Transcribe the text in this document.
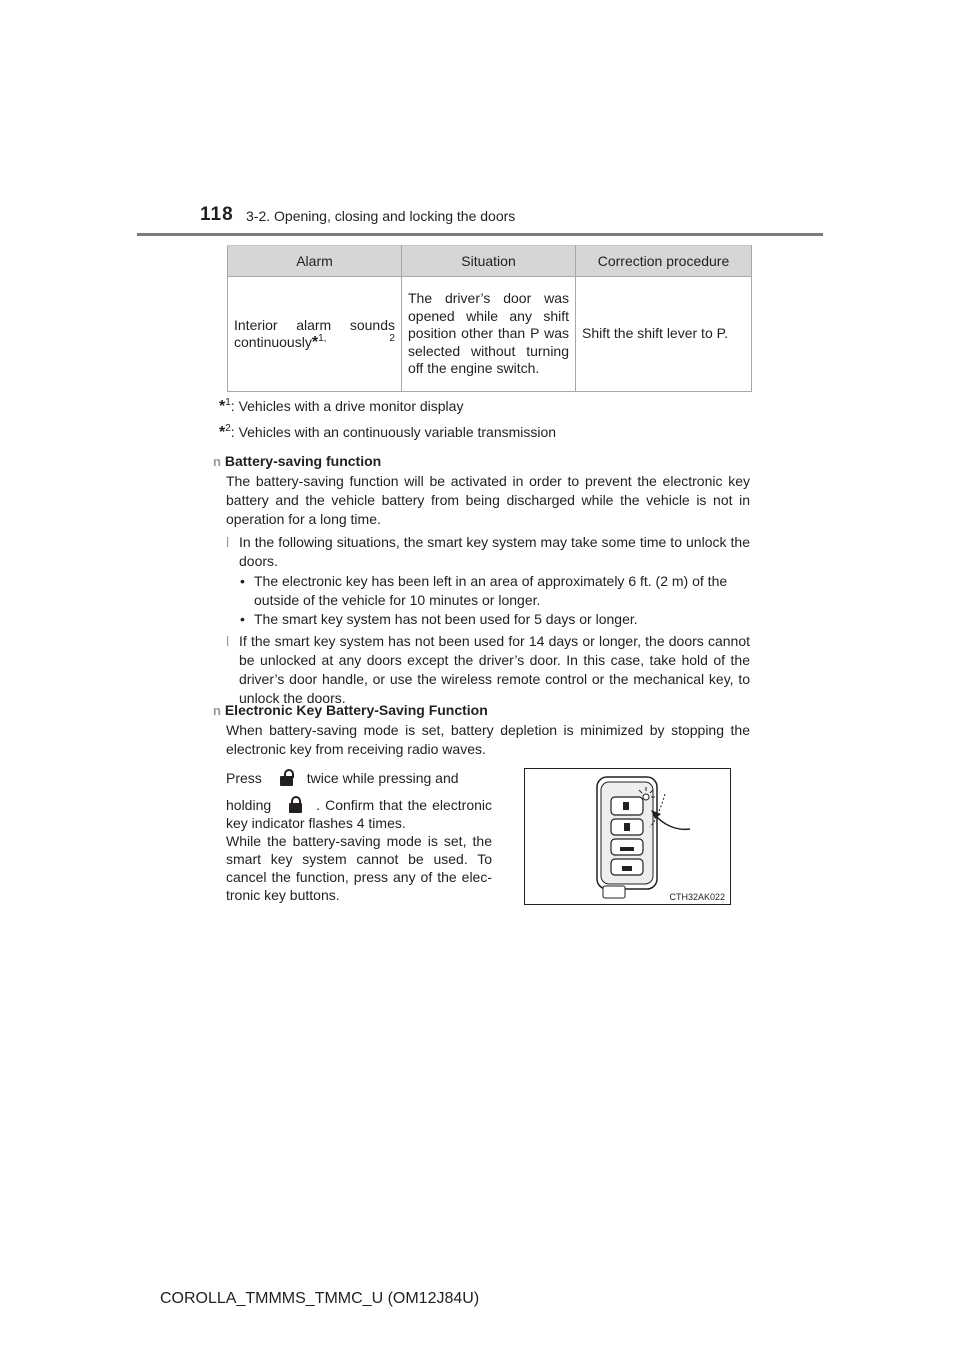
118 3-2. Opening, closing and locking the doors
Alarm	Situation	Correction procedure
Interior alarm sounds continuously*$^{1, 2}$	The driver’s door was opened while any shift position other than P was selected without turning off the engine switch.	Shift the shift lever to P.
*$^1$: Vehicles with a drive monitor display
*$^2$: Vehicles with an continuously variable transmission
n Battery-saving function
The battery-saving function will be activated in order to prevent the electronic key battery and the vehicle battery from being discharged while the vehicle is not in operation for a long time.
l In the following situations, the smart key system may take some time to unlock the doors.
• The electronic key has been left in an area of approximately 6 ft. (2 m) of the outside of the vehicle for 10 minutes or longer.
• The smart key system has not been used for 5 days or longer.
l If the smart key system has not been used for 14 days or longer, the doors cannot be unlocked at any doors except the driver’s door. In this case, take hold of the driver’s door handle, or use the wireless remote control or the mechanical key, to unlock the doors.
n Electronic Key Battery-Saving Function
When battery-saving mode is set, battery depletion is minimized by stopping the electronic key from receiving radio waves.

Press	twice while pressing and

holding	. Confirm that the electronic key indicator flashes 4 times.

While the battery-saving mode is set, the smart key system cannot be used. To cancel the function, press any of the elec-tronic key buttons.	CTH32AK022
COROLLA_TMMMS_TMMC_U (OM12J84U)
